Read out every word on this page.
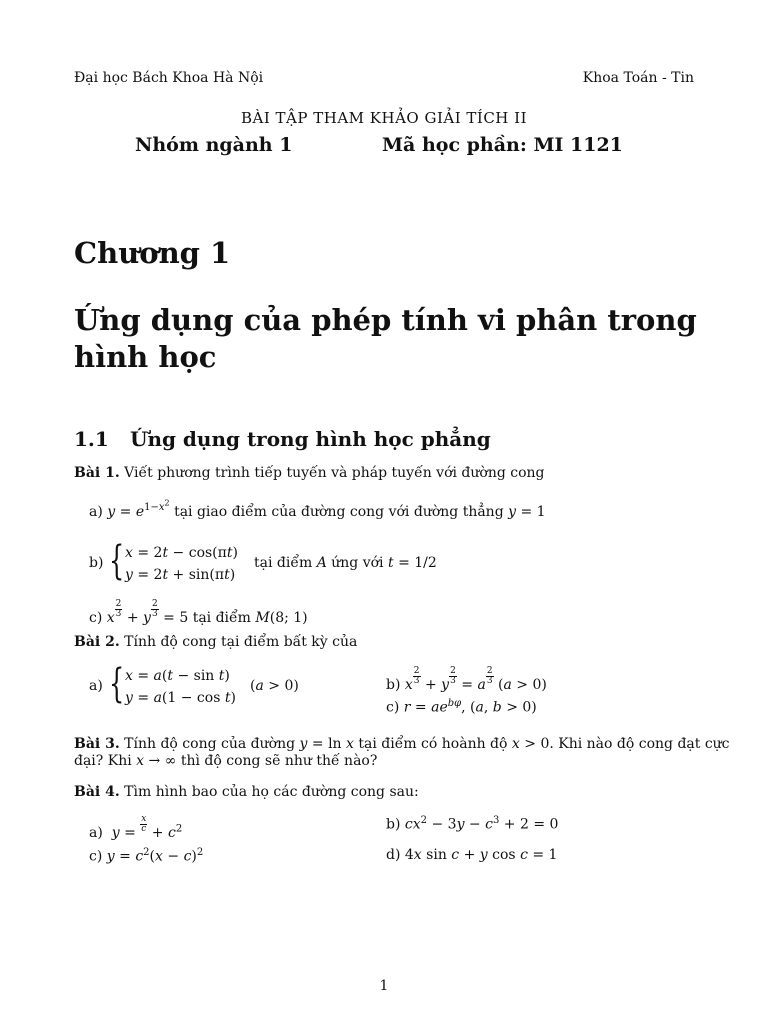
Đại học Bách Khoa Hà Nội	Khoa Toán - Tin
BÀI TẬP THAM KHẢO GIẢI TÍCH II
Nhóm ngành 1	Mã học phần: MI 1121
Chương 1
Ứng dụng của phép tính vi phân trong
hình học
1.1 Ứng dụng trong hình học phẳng
Bài 1. Viết phương trình tiếp tuyến và pháp tuyến với đường cong
a) $y = e^{1-x^2}$ tại giao điểm của đường cong với đường thẳng y = 1
b) { x = 2t − cos(πt)
y = 2t + sin(πt)
tại điểm A ứng với t = 1/2
c) x $\frac{2}{3} + y \frac{2}{3} = 5$ tại điểm M(8; 1)
Bài 2. Tính độ cong tại điểm bất kỳ của
a) { x = a(t − sin t)
y = a(1 − cos t)
(a > 0)	b) x $\frac{2}{3} + y \frac{2}{3} = a \frac{2}{3} (a > 0)$
c) $r = ae^{b\varphi}$, (a, b > 0)
Bài 3. Tính độ cong của đường y = ln x tại điểm có hoành độ x > 0. Khi nào độ cong đạt cực
đại? Khi x → ∞ thì độ cong sẽ như thế nào?
Bài 4. Tìm hình bao của họ các đường cong sau:
a) $y = \frac{x}{c} + c^2$	b) $cx^2 - 3y - c^3 + 2 = 0$
c) $y = c^2(x - c)^2$	d) 4x sin c + y cos c = 1
1
